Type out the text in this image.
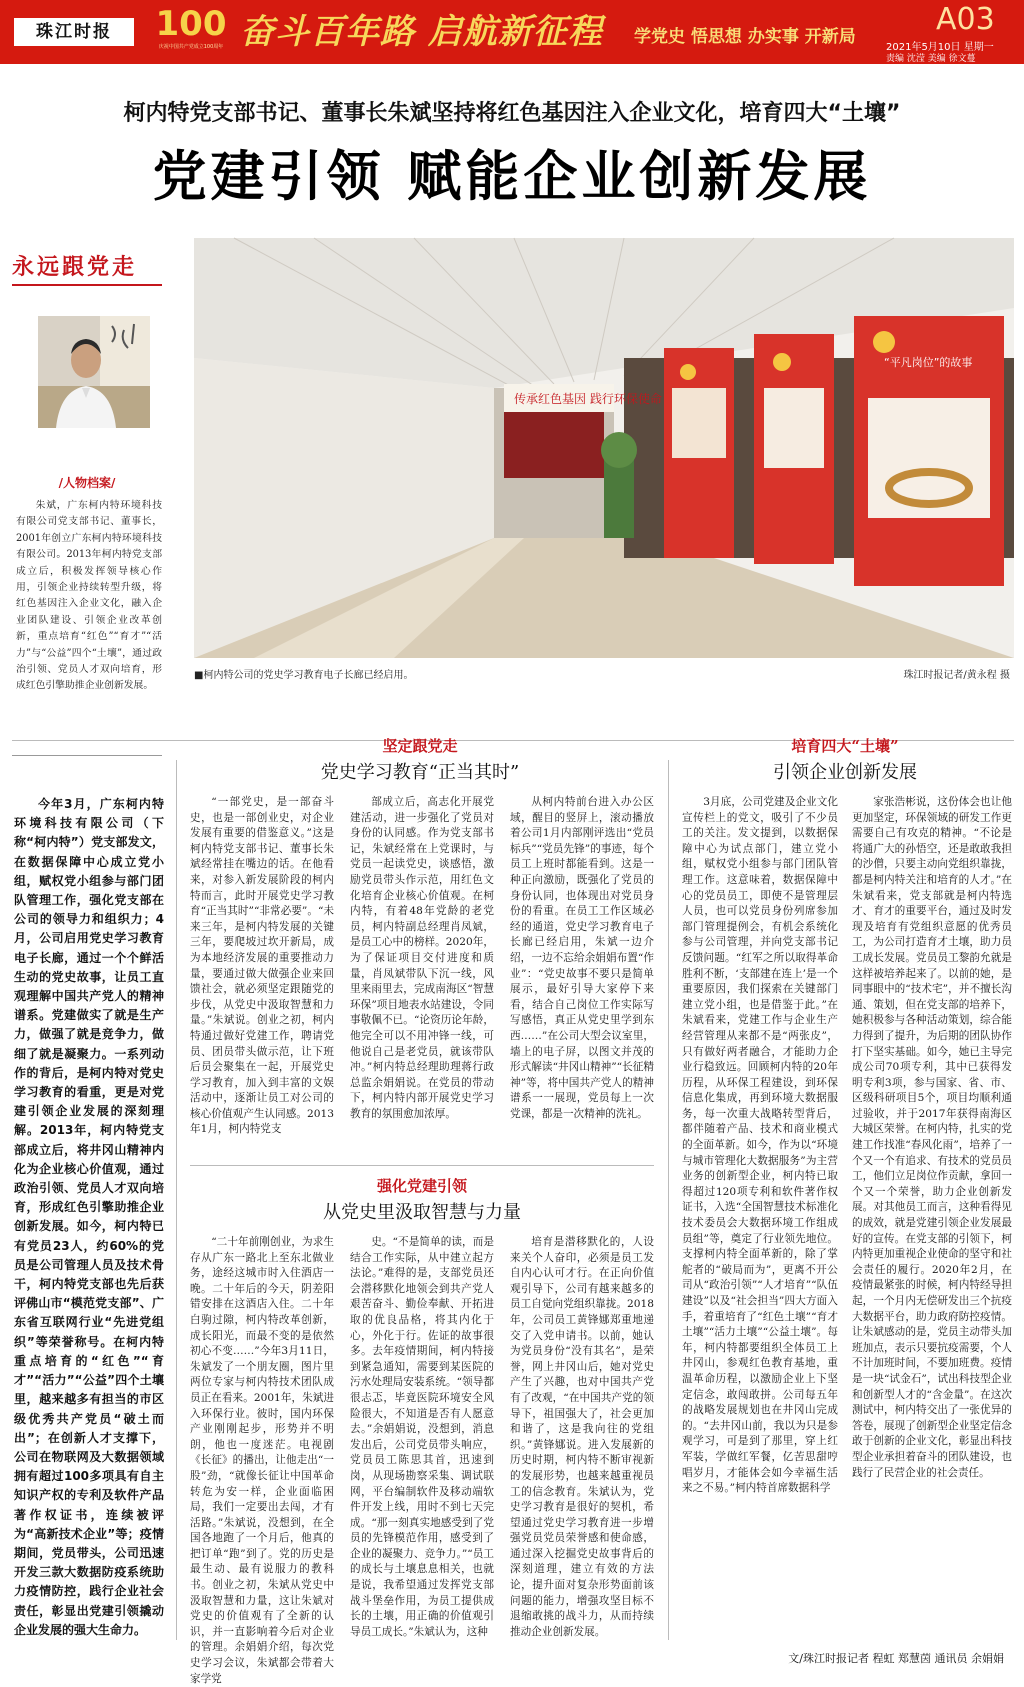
珠江时报	100
庆祝中国共产党成立100周年 奋斗百年路 启航新征程	学党史 悟思想 办实事 开新局	A03
2021年5月10日 星期一
责编 沈滢 美编 徐文蔓
柯内特党支部书记、董事长朱斌坚持将红色基因注入企业文化，培育四大“土壤”
党建引领 赋能企业创新发展
永远跟党走
/人物档案/
朱斌，广东柯内特环境科技有限公司党支部书记、董事长，2001年创立广东柯内特环境科技有限公司。2013年柯内特党支部成立后，积极发挥领导核心作用，引领企业持续转型升级，将红色基因注入企业文化，融入企业团队建设、引领企业改革创新，重点培育“红色”“育才”“活力”与“公益”四个“土壤”，通过政治引领、党员人才双向培育，形成红色引擎助推企业创新发展。
传承红色基因 践行环保使命
“平凡岗位”的故事
■柯内特公司的党史学习教育电子长廊已经启用。	珠江时报记者/黄永程 摄

今年3月，广东柯内特环境科技有限公司（下称“柯内特”）党支部发文，在数据保障中心成立党小组，赋权党小组参与部门团队管理工作，强化党支部在公司的领导力和组织力；4月，公司启用党史学习教育电子长廊，通过一个个鲜活生动的党史故事，让员工直观理解中国共产党人的精神谱系。党建做实了就是生产力，做强了就是竞争力，做细了就是凝聚力。一系列动作的背后，是柯内特对党史学习教育的看重，更是对党建引领企业发展的深刻理解。2013年，柯内特党支部成立后，将井冈山精神内化为企业核心价值观，通过政治引领、党员人才双向培育，形成红色引擎助推企业创新发展。如今，柯内特已有党员23人，约60%的党员是公司管理人员及技术骨干，柯内特党支部也先后获评佛山市“模范党支部”、广东省互联网行业“先进党组织”等荣誉称号。在柯内特重点培育的“红色”“育才”“活力”“公益”四个土壤里，越来越多有担当的市区级优秀共产党员“破土而出”；在创新人才支撑下，公司在物联网及大数据领域拥有超过100多项具有自主知识产权的专利及软件产品著作权证书，连续被评为“高新技术企业”等；疫情期间，党员带头，公司迅速开发三款大数据防疫系统助力疫情防控，践行企业社会责任，彰显出党建引领撬动企业发展的强大生命力。

坚定跟党走
党史学习教育“正当其时”

“一部党史，是一部奋斗史，也是一部创业史，对企业发展有重要的借鉴意义。”这是柯内特党支部书记、董事长朱斌经常挂在嘴边的话。在他看来，对参入新发展阶段的柯内特而言，此时开展党史学习教育“正当其时”“非常必要”。“未来三年，是柯内特发展的关键三年，要爬坡过坎开新局，成为本地经济发展的重要推动力量，要通过做大做强企业来回馈社会，就必须坚定跟随党的步伐，从党史中汲取智慧和力量。”朱斌说。创业之初，柯内特通过做好党建工作，聘请党员、团员带头做示范，让下班后员会聚集在一起，开展党史学习教育，加入到丰富的文娱活动中，逐渐让员工对公司的核心价值观产生认同感。2013年1月，柯内特党支

部成立后，高志化开展党建活动，进一步强化了党员对身份的认同感。作为党支部书记，朱斌经常在上党课时，与党员一起读党史，谈感悟，激励党员带头作示范，用红色文化培育企业核心价值观。在柯内特，有着48年党龄的老党员，柯内特副总经理肖凤斌，是员工心中的榜样。2020年，为了保证项目交付进度和质量，肖凤斌带队下沉一线，风里来雨里去，完成南海区“智慧环保”项目地表水站建设，令同事敬佩不已。“论资历论年龄，他完全可以不用冲锋一线，可他说自己是老党员，就该带队冲。”柯内特总经理助理蒋行政总监余娟娟说。在党员的带动下，柯内特内部开展党史学习教育的氛围愈加浓厚。

从柯内特前台进入办公区域，醒目的竖屏上，滚动播放着公司1月内部刚评选出“党员标兵”“党员先锋”的事迹，每个员工上班时都能看到。这是一种正向激励，既强化了党员的身份认同，也体现出对党员身份的看重。在员工工作区域必经的通道，党史学习教育电子长廊已经启用，朱斌一边介绍，一边不忘给余娟娟布置“作业”：“党史故事不要只是简单展示，最好引导大家停下来看，结合自己岗位工作实际写写感悟，真正从党史里学到东西……”在公司大型会议室里，墙上的电子屏，以图文并茂的形式解读“井冈山精神”“长征精神”等，将中国共产党人的精神谱系一一展现，党员每上一次党课，都是一次精神的洗礼。

强化党建引领
从党史里汲取智慧与力量

“二十年前刚创业，为求生存从广东一路北上至东北做业务，途经这城市时入住酒店一晚。二十年后的今天，阴差阳错安排在这酒店入住。二十年白驹过隙，柯内特改革创新，成长阳光，而最不变的是依然初心不变……”今年3月11日，朱斌发了一个朋友圈，图片里两位专家与柯内特技术团队成员正在看来。2001年，朱斌进入环保行业。彼时，国内环保产业刚刚起步，形势并不明朗，他也一度迷茫。电视剧《长征》的播出，让他走出“一股”劲，“就像长征让中国革命转危为安一样，企业面临困局，我们一定要出去闯，才有活路。”朱斌说，没想到，在全国各地跑了一个月后，他真的把订单“跑”到了。党的历史是最生动、最有说服力的教科书。创业之初，朱斌从党史中汲取智慧和力量，这让朱斌对党史的价值观有了全新的认识，并一直影响着今后对企业的管理。余娟娟介绍，每次党史学习会议，朱斌都会带着大家学党

史。“不是简单的读，而是结合工作实际，从中建立起方法论。”难得的是，支部党员还会潜移默化地领会到共产党人艰苦奋斗、勤俭奉献、开拓进取的优良品格，将其内化于心，外化于行。佐证的故事很多。去年疫情期间，柯内特接到紧急通知，需要到某医院的污水处理局安装系统。“领导都很忐忑，毕竟医院环境安全风险很大，不知道是否有人愿意去。”余娟娟说，没想到，消息发出后，公司党员带头响应，党员员工陈思其首，迅速到岗，从现场勘察采集、调试联网，平台编制软件及移动端软件开发上线，用时不到七天完成。“那一刻真实地感受到了党员的先锋模范作用，感受到了企业的凝聚力、竞争力。”“员工的成长与土壤息息相关，也就是说，我希望通过发挥党支部战斗堡垒作用，为员工提供成长的土壤，用正确的价值观引导员工成长。”朱斌认为，这种

培育是潜移默化的，人设来关个人奋印，必须是员工发自内心认可才行。在正向价值观引导下，公司有越来越多的员工自觉向党组织靠拢。2018年，公司员工黄锋娜郑重地递交了入党申请书。以前，她认为党员身份“没有其名”，是荣誉，网上井冈山后，她对党史产生了兴趣，也对中国共产党有了改观，“在中国共产党的领导下，祖国强大了，社会更加和谐了，这是我向往的党组织。”黄锋娜说。进入发展新的历史时期，柯内特不断审视新的发展形势，也越来越重视员工的信念教育。朱斌认为，党史学习教育是很好的契机，希望通过党史学习教育进一步增强党员党员荣誉感和使命感，通过深入挖掘党史故事背后的深刻道理，建立有效的方法论，提升面对复杂形势面前该问题的能力，增强攻坚目标不退缩敢挑的战斗力，从而持续推动企业创新发展。

培育四大“土壤”
引领企业创新发展

3月底，公司党建及企业文化宣传栏上的党文，吸引了不少员工的关注。发文提到，以数据保障中心为试点部门，建立党小组，赋权党小组参与部门团队管理工作。这意味着，数据保障中心的党员员工，即使不是管理层人员，也可以党员身份列席参加部门管理提例会，有机会系统化参与公司管理，并向党支部书记反馈问题。“红军之所以取得革命胜利不断，‘支部建在连上’是一个重要原因，我们探索在关键部门建立党小组，也是借鉴于此。”在朱斌看来，党建工作与企业生产经营管理从来都不是“两张皮”，只有做好两者融合，才能助力企业行稳致远。回顾柯内特的20年历程，从环保工程建设，到环保信息化集成，再到环境大数据服务，每一次重大战略转型背后，都伴随着产品、技术和商业模式的全面革新。如今，作为以“环境与城市管理化大数据服务”为主营业务的创新型企业，柯内特已取得超过120项专利和软件著作权证书，入选“全国智慧技术标准化技术委员会大数据环境工作组成员组”等，奠定了行业领先地位。支撑柯内特全面革新的，除了掌舵者的“破局而为”，更离不开公司从“政治引领”“人才培育”“队伍建设”以及“社会担当”四大方面入手，着重培育了“红色土壤”“育才土壤”“活力土壤”“公益土壤”。每年，柯内特都要组织全体员工上井冈山，参观红色教育基地，重温革命历程，以激励企业上下坚定信念，敢闯敢拼。公司每五年的战略发展规划也在井冈山完成的。“去井冈山前，我以为只是参观学习，可是到了那里，穿上红军装，学做红军餐，亿苦思甜哼唱岁月，才能体会如今幸福生活来之不易。”柯内特首席数据科学

家张浩彬说，这份体会也让他更加坚定，环保领域的研发工作更需要自己有攻克的精神。“不论是将通广大的孙悟空，还是敢敢我担的沙僧，只要主动向党组织靠拢，都是柯内特关注和培育的人才。”在朱斌看来，党支部就是柯内特选才、育才的重要平台，通过及时发现及培育有党组织意愿的优秀员工，为公司打造育才土壤，助力员工成长发展。党员员工黎韵允就是这样被培养起来了。以前的她，是同事眼中的“技术宅”，并不擅长沟通、策划，但在党支部的培养下，她积极参与各种活动策划，综合能力得到了提升，为后期的团队协作打下坚实基础。如今，她已主导完成公司70项专利，其中已获得发明专利3项，参与国家、省、市、区级科研项目5个，项目均顺利通过验收，并于2017年获得南海区大城区荣誉。在柯内特，扎实的党建工作找准“春风化雨”，培养了一个又一个有追求、有技术的党员员工，他们立足岗位作贡献，拿回一个又一个荣誉，助力企业创新发展。对其他员工而言，这种看得见的成效，就是党建引领企业发展最好的宣传。在党支部的引领下，柯内特更加重视企业使命的坚守和社会责任的履行。2020年2月，在疫情最紧张的时候，柯内特经导担起，一个月内无偿研发出三个抗疫大数据平台，助力政府防控疫情。让朱斌感动的是，党员主动带头加班加点，表示只要抗疫需要，个人不计加班时间，不要加班费。疫情是一块“试金石”，试出科技型企业和创新型人才的“含金量”。在这次测试中，柯内特交出了一张优异的答卷，展现了创新型企业坚定信念敢于创新的企业文化，彰显出科技型企业承担着奋斗的团队建设，也践行了民营企业的社会责任。

文/珠江时报记者 程虹 郑慧茵 通讯员 余娟娟
